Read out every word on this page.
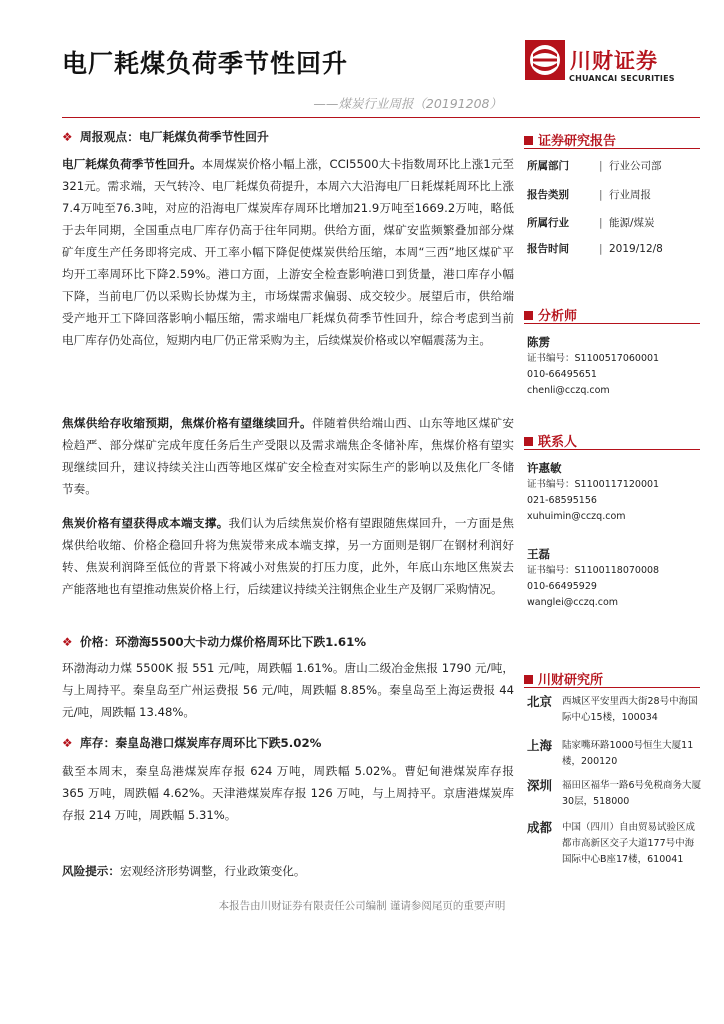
电厂耗煤负荷季节性回升
——煤炭行业周报（20191208）
川财证券
CHUANCAI SECURITIES
❖ 周报观点：电厂耗煤负荷季节性回升

电厂耗煤负荷季节性回升。本周煤炭价格小幅上涨，CCI5500大卡指数周环比上涨1元至321元。需求端，天气转冷、电厂耗煤负荷提升，本周六大沿海电厂日耗煤耗周环比上涨7.4万吨至76.3吨，对应的沿海电厂煤炭库存周环比增加21.9万吨至1669.2万吨，略低于去年同期，全国重点电厂库存仍高于往年同期。供给方面，煤矿安监频繁叠加部分煤矿年度生产任务即将完成、开工率小幅下降促使煤炭供给压缩，本周“三西”地区煤矿平均开工率周环比下降2.59%。港口方面，上游安全检查影响港口到货量，港口库存小幅下降，当前电厂仍以采购长协煤为主，市场煤需求偏弱、成交较少。展望后市，供给端受产地开工下降回落影响小幅压缩，需求端电厂耗煤负荷季节性回升，综合考虑到当前电厂库存仍处高位，短期内电厂仍正常采购为主，后续煤炭价格或以窄幅震荡为主。

焦煤供给存收缩预期，焦煤价格有望继续回升。伴随着供给端山西、山东等地区煤矿安检趋严、部分煤矿完成年度任务后生产受限以及需求端焦企冬储补库，焦煤价格有望实现继续回升，建议持续关注山西等地区煤矿安全检查对实际生产的影响以及焦化厂冬储节奏。

焦炭价格有望获得成本端支撑。我们认为后续焦炭价格有望跟随焦煤回升，一方面是焦煤供给收缩、价格企稳回升将为焦炭带来成本端支撑，另一方面则是钢厂在钢材利润好转、焦炭利润降至低位的背景下将减小对焦炭的打压力度，此外，年底山东地区焦炭去产能落地也有望推动焦炭价格上行，后续建议持续关注钢焦企业生产及钢厂采购情况。

❖ 价格：环渤海5500大卡动力煤价格周环比下跌1.61%

环渤海动力煤 5500K 报 551 元/吨，周跌幅 1.61%。唐山二级冶金焦报 1790 元/吨，与上周持平。秦皇岛至广州运费报 56 元/吨，周跌幅 8.85%。秦皇岛至上海运费报 44 元/吨，周跌幅 13.48%。

❖ 库存：秦皇岛港口煤炭库存周环比下跌5.02%

截至本周末，秦皇岛港煤炭库存报 624 万吨，周跌幅 5.02%。曹妃甸港煤炭库存报 365 万吨，周跌幅 4.62%。天津港煤炭库存报 126 万吨，与上周持平。京唐港煤炭库存报 214 万吨，周跌幅 5.31%。

风险提示：宏观经济形势调整，行业政策变化。
证券研究报告
所属部门	| 行业公司部
报告类别	| 行业周报
所属行业	| 能源/煤炭
报告时间	| 2019/12/8
分析师
陈雳
证书编号：S1100517060001
010-66495651
chenli@cczq.com
联系人
许惠敏
证书编号：S1100117120001
021-68595156
xuhuimin@cczq.com
王磊
证书编号：S1100118070008
010-66495929
wanglei@cczq.com
川财研究所
北京 西城区平安里西大街28号中海国际中心15楼，100034
上海 陆家嘴环路1000号恒生大厦11楼，200120
深圳 福田区福华一路6号免税商务大厦30层，518000
成都 中国（四川）自由贸易试验区成都市高新区交子大道177号中海国际中心B座17楼，610041
本报告由川财证券有限责任公司编制 谨请参阅尾页的重要声明
